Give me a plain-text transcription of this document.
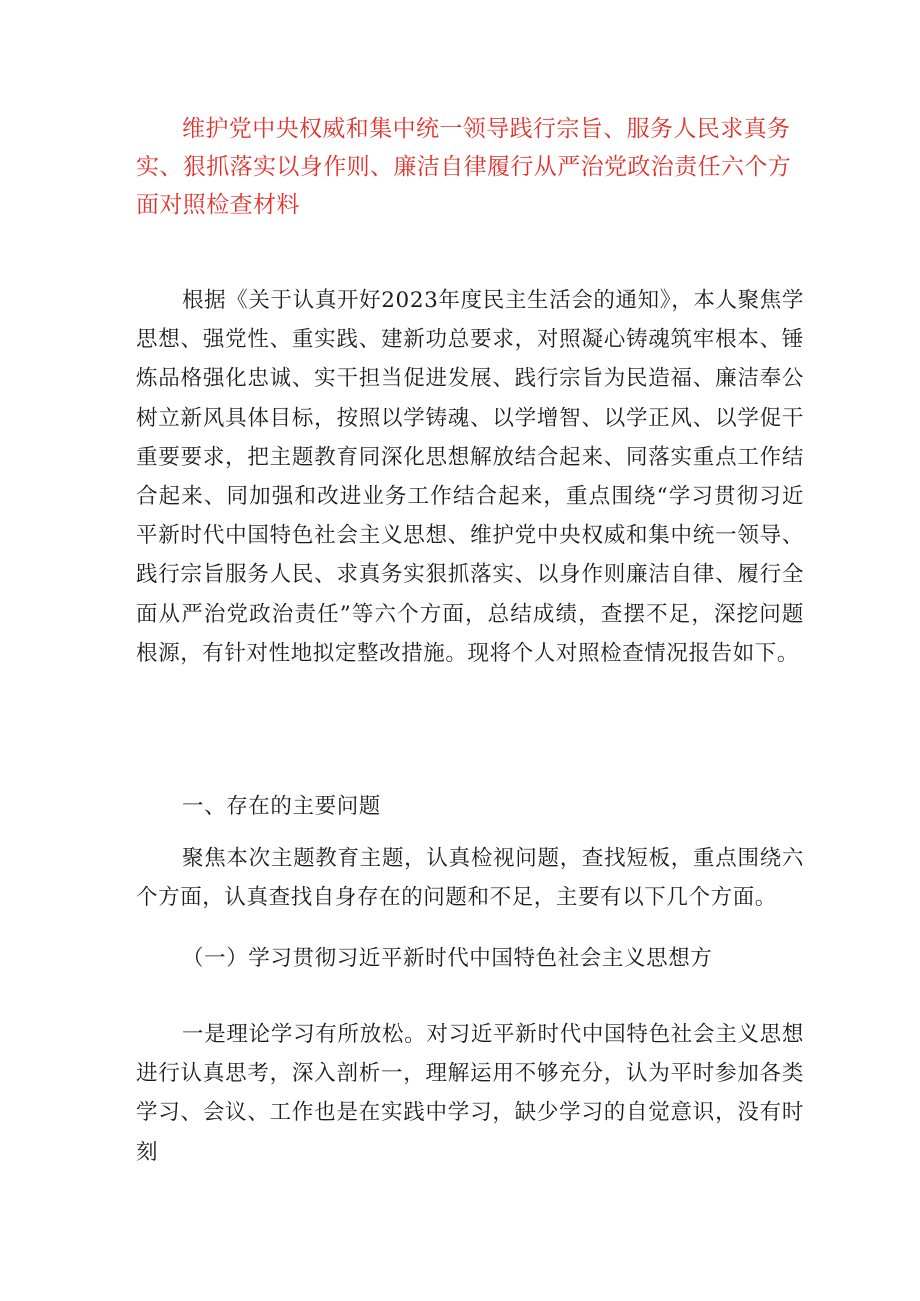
维护党中央权威和集中统一领导践行宗旨、服务人民求真务实、狠抓落实以身作则、廉洁自律履行从严治党政治责任六个方面对照检查材料

根据《关于认真开好2023年度民主生活会的通知》，本人聚焦学思想、强党性、重实践、建新功总要求，对照凝心铸魂筑牢根本、锤炼品格强化忠诚、实干担当促进发展、践行宗旨为民造福、廉洁奉公树立新风具体目标，按照以学铸魂、以学增智、以学正风、以学促干重要要求，把主题教育同深化思想解放结合起来、同落实重点工作结合起来、同加强和改进业务工作结合起来，重点围绕“学习贯彻习近平新时代中国特色社会主义思想、维护党中央权威和集中统一领导、践行宗旨服务人民、求真务实狠抓落实、以身作则廉洁自律、履行全面从严治党政治责任”等六个方面，总结成绩，查摆不足，深挖问题根源，有针对性地拟定整改措施。现将个人对照检查情况报告如下。

一、存在的主要问题

聚焦本次主题教育主题，认真检视问题，查找短板，重点围绕六个方面，认真查找自身存在的问题和不足，主要有以下几个方面。

（一）学习贯彻习近平新时代中国特色社会主义思想方

一是理论学习有所放松。对习近平新时代中国特色社会主义思想进行认真思考，深入剖析一，理解运用不够充分，认为平时参加各类学习、会议、工作也是在实践中学习，缺少学习的自觉意识，没有时刻
